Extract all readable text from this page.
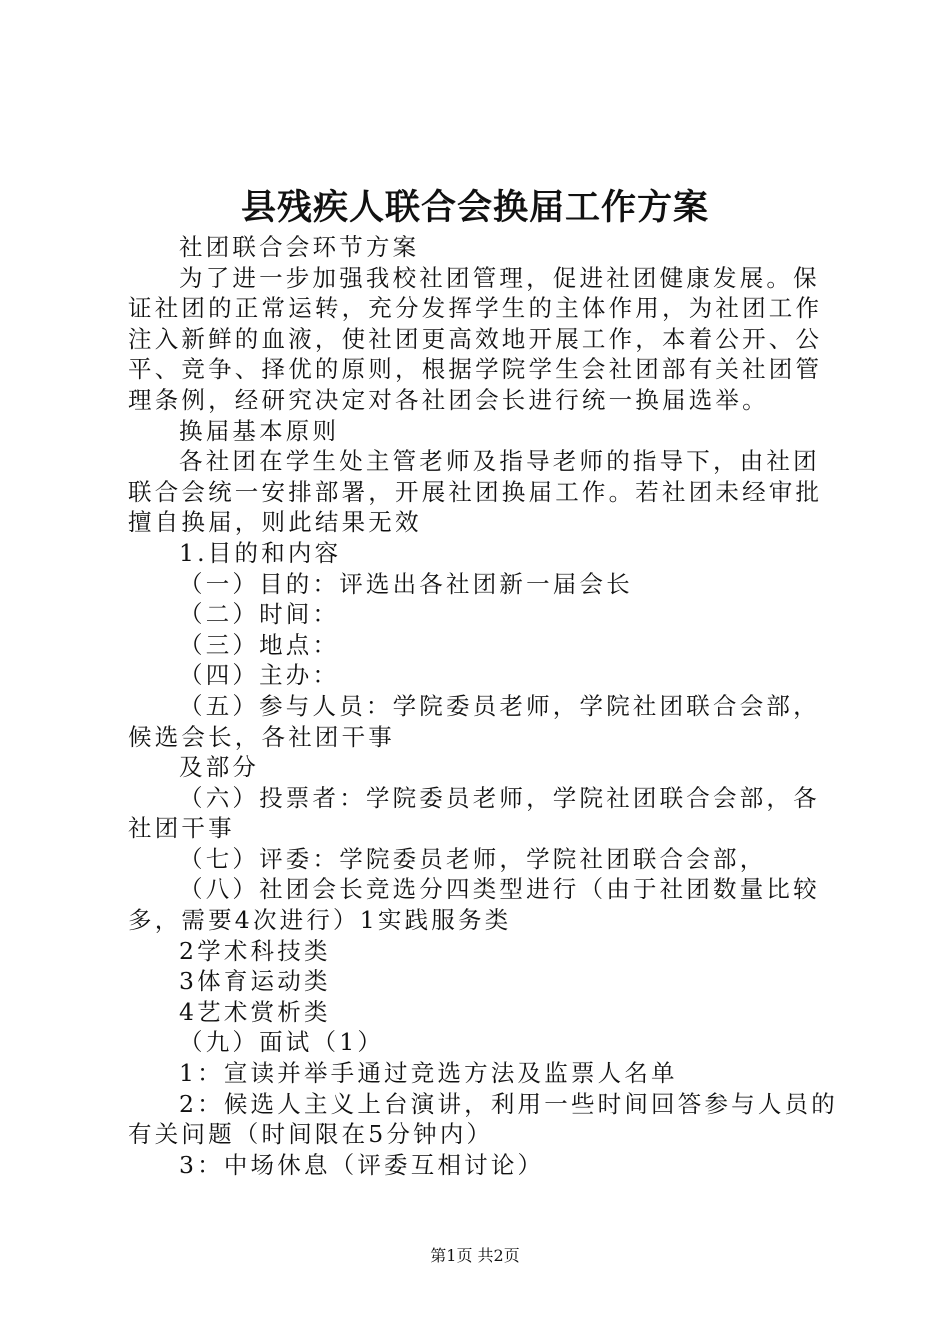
县残疾人联合会换届工作方案

社团联合会环节方案

为了进一步加强我校社团管理，促进社团健康发展。保证社团的正常运转，充分发挥学生的主体作用，为社团工作注入新鲜的血液，使社团更高效地开展工作，本着公开、公平、竞争、择优的原则，根据学院学生会社团部有关社团管理条例，经研究决定对各社团会长进行统一换届选举。

换届基本原则

各社团在学生处主管老师及指导老师的指导下，由社团联合会统一安排部署，开展社团换届工作。若社团未经审批擅自换届，则此结果无效

1.目的和内容

（一）目的：评选出各社团新一届会长

（二）时间：

（三）地点：

（四）主办：

（五）参与人员：学院委员老师，学院社团联合会部，候选会长，各社团干事

及部分

（六）投票者：学院委员老师，学院社团联合会部，各社团干事

（七）评委：学院委员老师，学院社团联合会部，

（八）社团会长竞选分四类型进行（由于社团数量比较多，需要4次进行）1实践服务类

2学术科技类

3体育运动类

4艺术赏析类

（九）面试（1）

1：宣读并举手通过竞选方法及监票人名单

2：候选人主义上台演讲，利用一些时间回答参与人员的有关问题（时间限在5分钟内）

3：中场休息（评委互相讨论）

第1页 共2页
